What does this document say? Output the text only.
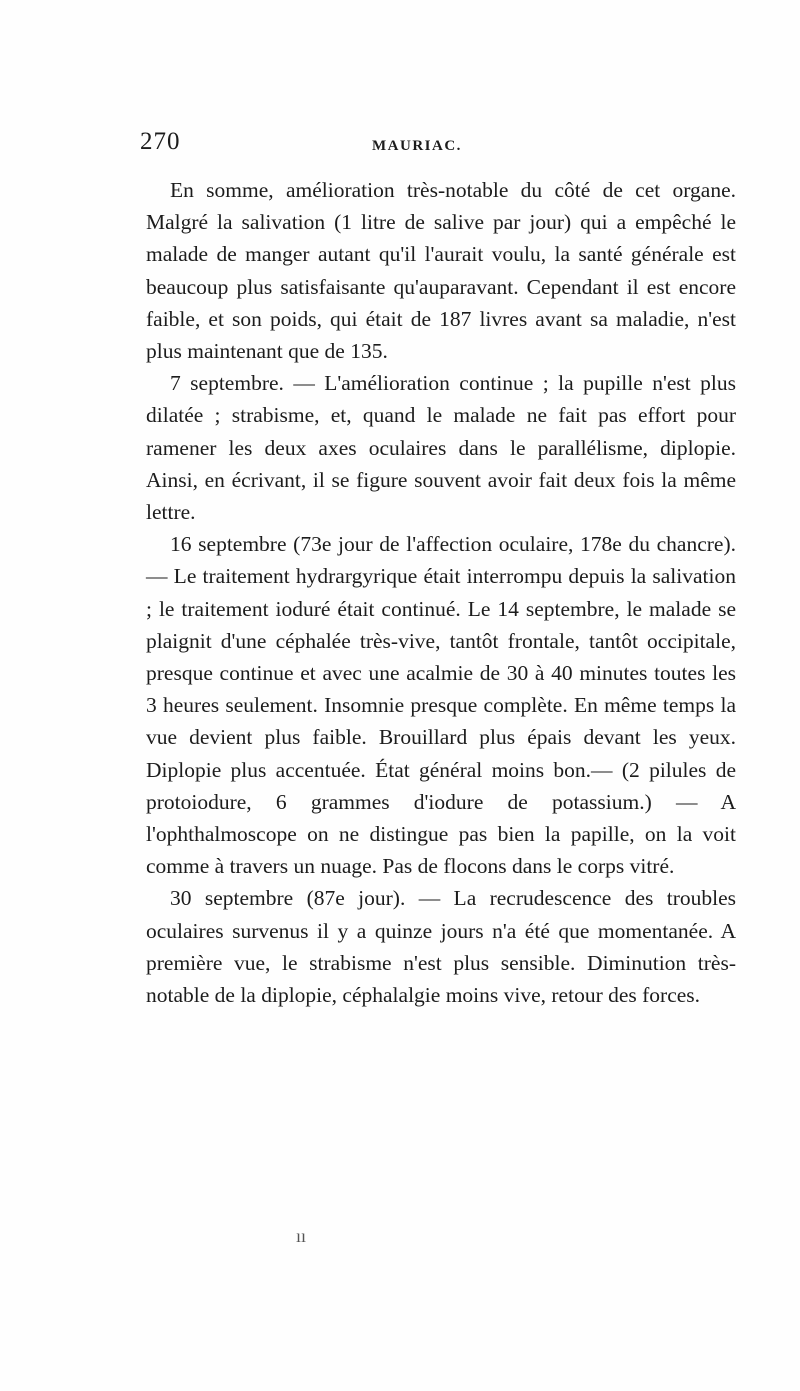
270	MAURIAC.

En somme, amélioration très-notable du côté de cet organe. Malgré la salivation (1 litre de salive par jour) qui a empêché le malade de manger autant qu'il l'aurait voulu, la santé générale est beaucoup plus satisfaisante qu'auparavant. Cependant il est encore faible, et son poids, qui était de 187 livres avant sa maladie, n'est plus maintenant que de 135.

7 septembre. — L'amélioration continue ; la pupille n'est plus dilatée ; strabisme, et, quand le malade ne fait pas effort pour ramener les deux axes oculaires dans le parallélisme, diplopie. Ainsi, en écrivant, il se figure souvent avoir fait deux fois la même lettre.

16 septembre (73e jour de l'affection oculaire, 178e du chancre).— Le traitement hydrargyrique était interrompu depuis la salivation ; le traitement ioduré était continué. Le 14 septembre, le malade se plaignit d'une céphalée très-vive, tantôt frontale, tantôt occipitale, presque continue et avec une acalmie de 30 à 40 minutes toutes les 3 heures seulement. Insomnie presque complète. En même temps la vue devient plus faible. Brouillard plus épais devant les yeux. Diplopie plus accentuée. État général moins bon.— (2 pilules de protoiodure, 6 grammes d'iodure de potassium.) — A l'ophthalmoscope on ne distingue pas bien la papille, on la voit comme à travers un nuage. Pas de flocons dans le corps vitré.

30 septembre (87e jour). — La recrudescence des troubles oculaires survenus il y a quinze jours n'a été que momentanée. A première vue, le strabisme n'est plus sensible. Diminution très-notable de la diplopie, céphalalgie moins vive, retour des forces.

ıı
